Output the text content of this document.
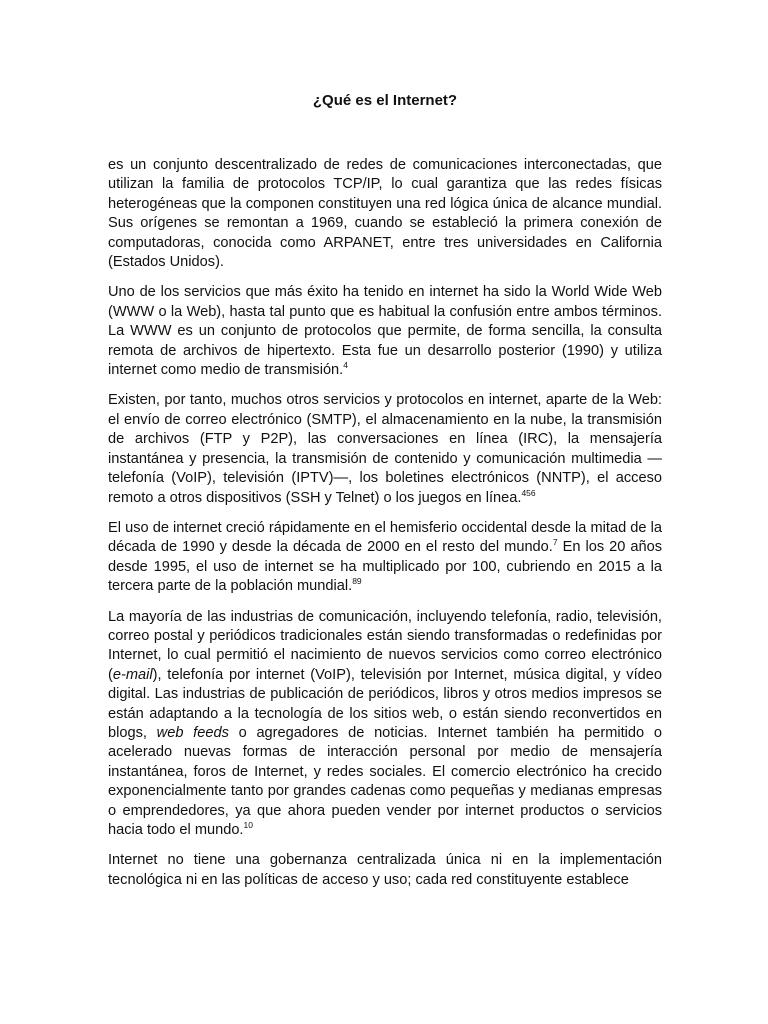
¿Qué es el Internet?

es un conjunto descentralizado de redes de comunicaciones interconectadas, que utilizan la familia de protocolos TCP/IP, lo cual garantiza que las redes físicas heterogéneas que la componen constituyen una red lógica única de alcance mundial. Sus orígenes se remontan a 1969, cuando se estableció la primera conexión de computadoras, conocida como ARPANET, entre tres universidades en California (Estados Unidos).

Uno de los servicios que más éxito ha tenido en internet ha sido la World Wide Web (WWW o la Web), hasta tal punto que es habitual la confusión entre ambos términos. La WWW es un conjunto de protocolos que permite, de forma sencilla, la consulta remota de archivos de hipertexto. Esta fue un desarrollo posterior (1990) y utiliza internet como medio de transmisión.$^4$

Existen, por tanto, muchos otros servicios y protocolos en internet, aparte de la Web: el envío de correo electrónico (SMTP), el almacenamiento en la nube, la transmisión de archivos (FTP y P2P), las conversaciones en línea (IRC), la mensajería instantánea y presencia, la transmisión de contenido y comunicación multimedia —telefonía (VoIP), televisión (IPTV)—, los boletines electrónicos (NNTP), el acceso remoto a otros dispositivos (SSH y Telnet) o los juegos en línea.$^{456}$

El uso de internet creció rápidamente en el hemisferio occidental desde la mitad de la década de 1990 y desde la década de 2000 en el resto del mundo.$^7$ En los 20 años desde 1995, el uso de internet se ha multiplicado por 100, cubriendo en 2015 a la tercera parte de la población mundial.$^{89}$

La mayoría de las industrias de comunicación, incluyendo telefonía, radio, televisión, correo postal y periódicos tradicionales están siendo transformadas o redefinidas por Internet, lo cual permitió el nacimiento de nuevos servicios como correo electrónico (e-mail), telefonía por internet (VoIP), televisión por Internet, música digital, y vídeo digital. Las industrias de publicación de periódicos, libros y otros medios impresos se están adaptando a la tecnología de los sitios web, o están siendo reconvertidos en blogs, web feeds o agregadores de noticias. Internet también ha permitido o acelerado nuevas formas de interacción personal por medio de mensajería instantánea, foros de Internet, y redes sociales. El comercio electrónico ha crecido exponencialmente tanto por grandes cadenas como pequeñas y medianas empresas o emprendedores, ya que ahora pueden vender por internet productos o servicios hacia todo el mundo.$^{10}$

Internet no tiene una gobernanza centralizada única ni en la implementación tecnológica ni en las políticas de acceso y uso; cada red constituyente establece
